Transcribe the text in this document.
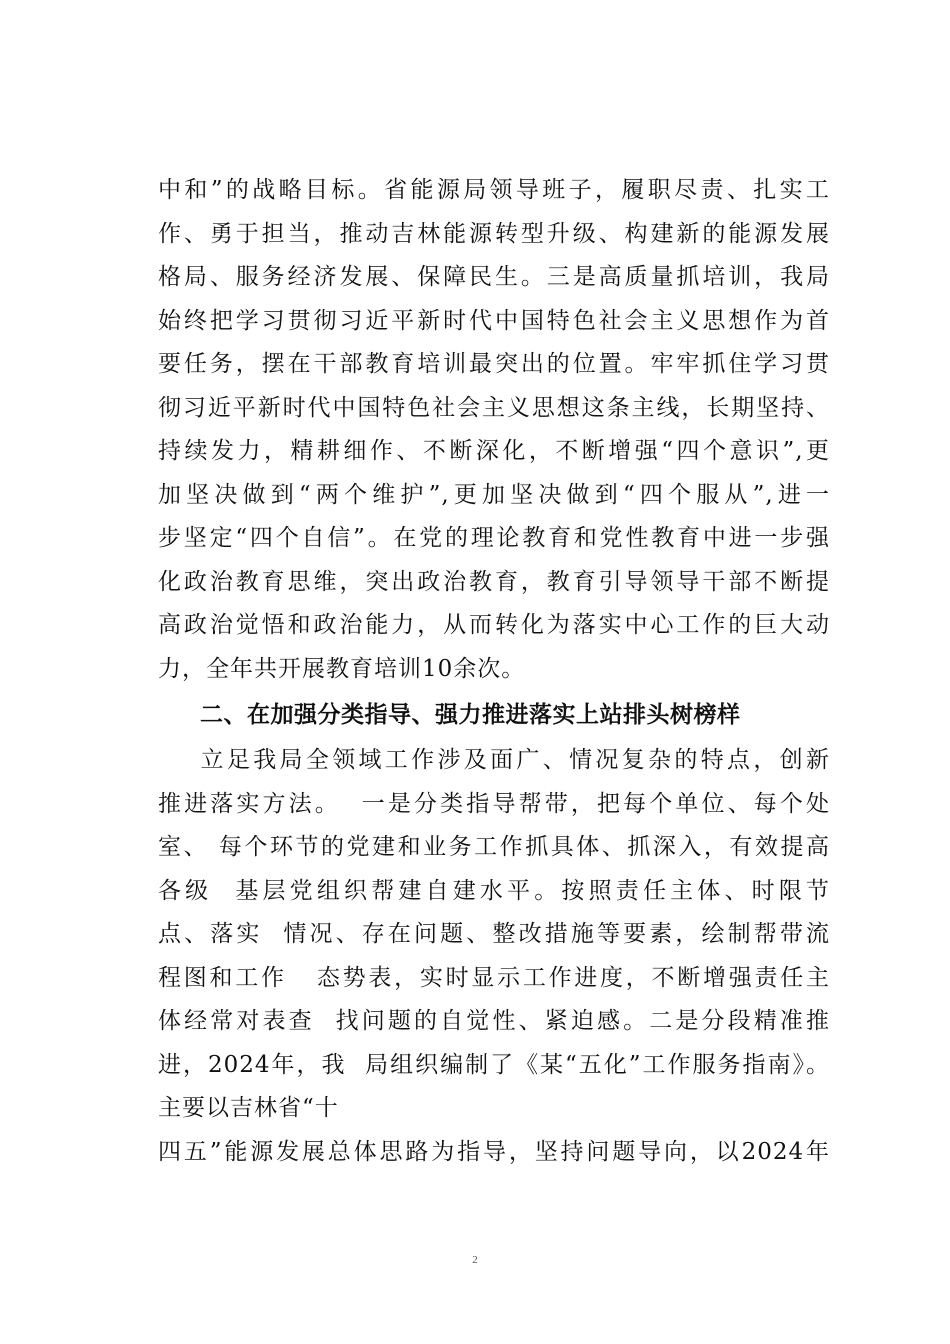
中和”的战略目标。省能源局领导班子，履职尽责、扎实工
作、勇于担当，推动吉林能源转型升级、构建新的能源发展
格局、服务经济发展、保障民生。三是高质量抓培训，我局
始终把学习贯彻习近平新时代中国特色社会主义思想作为首
要任务，摆在干部教育培训最突出的位置。牢牢抓住学习贯
彻习近平新时代中国特色社会主义思想这条主线，长期坚持、
持续发力，精耕细作、不断深化，不断增强“四个意识”,更
加坚决做到“两个维护”,更加坚决做到“四个服从”,进一
步坚定“四个自信”。在党的理论教育和党性教育中进一步强
化政治教育思维，突出政治教育，教育引导领导干部不断提
高政治觉悟和政治能力，从而转化为落实中心工作的巨大动
力，全年共开展教育培训10余次。
二、在加强分类指导、强力推进落实上站排头树榜样
立足我局全领域工作涉及面广、情况复杂的特点，创新
推进落实方法。  一是分类指导帮带，把每个单位、每个处
室、 每个环节的党建和业务工作抓具体、抓深入，有效提高
各级  基层党组织帮建自建水平。按照责任主体、时限节
点、落实  情况、存在问题、整改措施等要素，绘制帮带流
程图和工作   态势表，实时显示工作进度，不断增强责任主
体经常对表查  找问题的自觉性、紧迫感。二是分段精准推
进，2024年，我  局组织编制了《某“五化”工作服务指南》。
主要以吉林省“十
四五”能源发展总体思路为指导，坚持问题导向，以2024年
2
